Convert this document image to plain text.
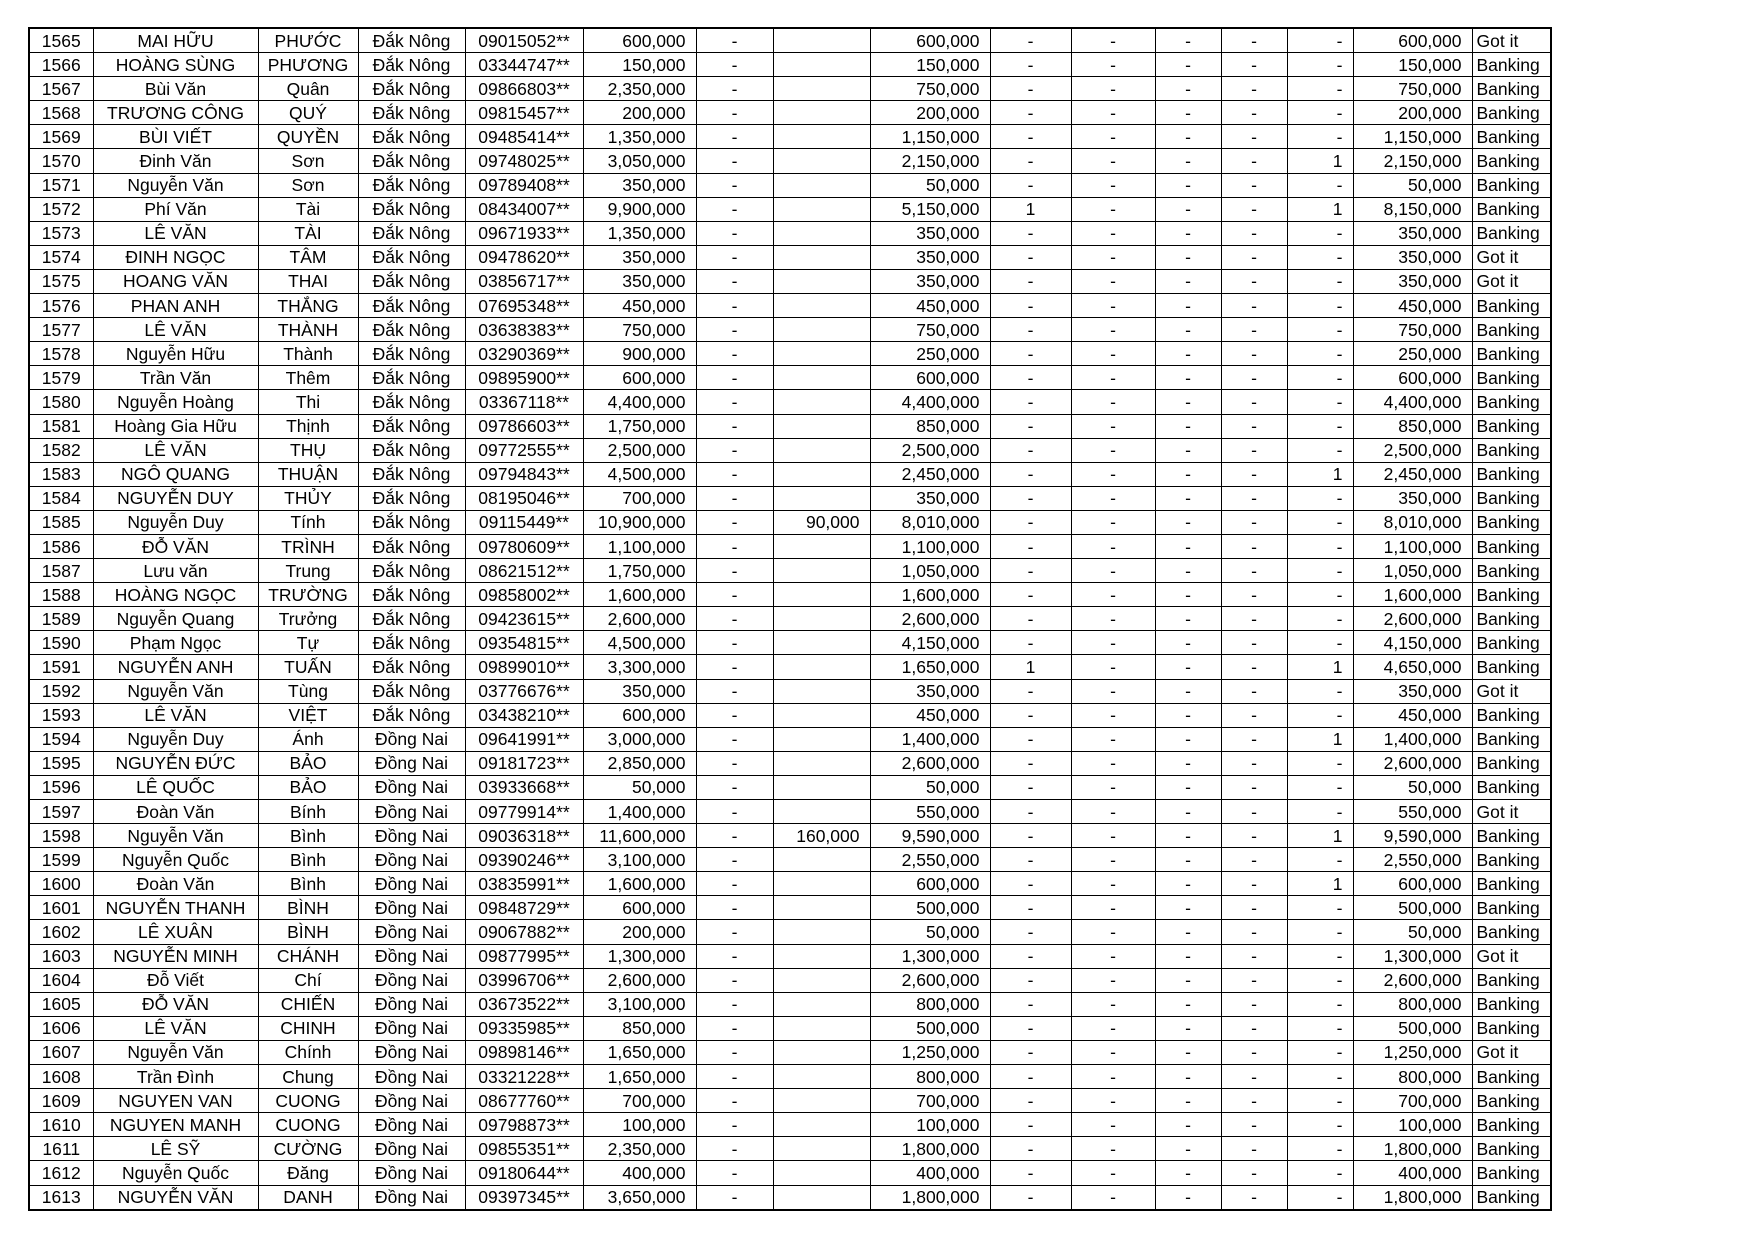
1565	MAI HỮU	PHƯỚC	Đắk Nông	09015052**	600,000	-		600,000	-	-	-	-	-	600,000	Got it
1566	HOÀNG SÙNG	PHƯƠNG	Đắk Nông	03344747**	150,000	-		150,000	-	-	-	-	-	150,000	Banking
1567	Bùi Văn	Quân	Đắk Nông	09866803**	2,350,000	-		750,000	-	-	-	-	-	750,000	Banking
1568	TRƯƠNG CÔNG	QUÝ	Đắk Nông	09815457**	200,000	-		200,000	-	-	-	-	-	200,000	Banking
1569	BÙI VIẾT	QUYỀN	Đắk Nông	09485414**	1,350,000	-		1,150,000	-	-	-	-	-	1,150,000	Banking
1570	Đinh Văn	Sơn	Đắk Nông	09748025**	3,050,000	-		2,150,000	-	-	-	-	1	2,150,000	Banking
1571	Nguyễn Văn	Sơn	Đắk Nông	09789408**	350,000	-		50,000	-	-	-	-	-	50,000	Banking
1572	Phí Văn	Tài	Đắk Nông	08434007**	9,900,000	-		5,150,000	1	-	-	-	1	8,150,000	Banking
1573	LÊ VĂN	TÀI	Đắk Nông	09671933**	1,350,000	-		350,000	-	-	-	-	-	350,000	Banking
1574	ĐINH NGỌC	TÂM	Đắk Nông	09478620**	350,000	-		350,000	-	-	-	-	-	350,000	Got it
1575	HOANG VĂN	THAI	Đắk Nông	03856717**	350,000	-		350,000	-	-	-	-	-	350,000	Got it
1576	PHAN ANH	THẮNG	Đắk Nông	07695348**	450,000	-		450,000	-	-	-	-	-	450,000	Banking
1577	LÊ VĂN	THÀNH	Đắk Nông	03638383**	750,000	-		750,000	-	-	-	-	-	750,000	Banking
1578	Nguyễn Hữu	Thành	Đắk Nông	03290369**	900,000	-		250,000	-	-	-	-	-	250,000	Banking
1579	Trần Văn	Thêm	Đắk Nông	09895900**	600,000	-		600,000	-	-	-	-	-	600,000	Banking
1580	Nguyễn Hoàng	Thi	Đắk Nông	03367118**	4,400,000	-		4,400,000	-	-	-	-	-	4,400,000	Banking
1581	Hoàng Gia Hữu	Thịnh	Đắk Nông	09786603**	1,750,000	-		850,000	-	-	-	-	-	850,000	Banking
1582	LÊ VĂN	THỤ	Đắk Nông	09772555**	2,500,000	-		2,500,000	-	-	-	-	-	2,500,000	Banking
1583	NGÔ QUANG	THUẬN	Đắk Nông	09794843**	4,500,000	-		2,450,000	-	-	-	-	1	2,450,000	Banking
1584	NGUYỄN DUY	THỦY	Đắk Nông	08195046**	700,000	-		350,000	-	-	-	-	-	350,000	Banking
1585	Nguyễn Duy	Tính	Đắk Nông	09115449**	10,900,000	-	90,000	8,010,000	-	-	-	-	-	8,010,000	Banking
1586	ĐỖ VĂN	TRÌNH	Đắk Nông	09780609**	1,100,000	-		1,100,000	-	-	-	-	-	1,100,000	Banking
1587	Lưu văn	Trung	Đắk Nông	08621512**	1,750,000	-		1,050,000	-	-	-	-	-	1,050,000	Banking
1588	HOÀNG NGỌC	TRƯỜNG	Đắk Nông	09858002**	1,600,000	-		1,600,000	-	-	-	-	-	1,600,000	Banking
1589	Nguyễn Quang	Trưởng	Đắk Nông	09423615**	2,600,000	-		2,600,000	-	-	-	-	-	2,600,000	Banking
1590	Phạm Ngọc	Tự	Đắk Nông	09354815**	4,500,000	-		4,150,000	-	-	-	-	-	4,150,000	Banking
1591	NGUYỄN ANH	TUẤN	Đắk Nông	09899010**	3,300,000	-		1,650,000	1	-	-	-	1	4,650,000	Banking
1592	Nguyễn Văn	Tùng	Đắk Nông	03776676**	350,000	-		350,000	-	-	-	-	-	350,000	Got it
1593	LÊ VĂN	VIỆT	Đắk Nông	03438210**	600,000	-		450,000	-	-	-	-	-	450,000	Banking
1594	Nguyễn Duy	Ánh	Đồng Nai	09641991**	3,000,000	-		1,400,000	-	-	-	-	1	1,400,000	Banking
1595	NGUYỄN ĐỨC	BẢO	Đồng Nai	09181723**	2,850,000	-		2,600,000	-	-	-	-	-	2,600,000	Banking
1596	LÊ QUỐC	BẢO	Đồng Nai	03933668**	50,000	-		50,000	-	-	-	-	-	50,000	Banking
1597	Đoàn Văn	Bính	Đồng Nai	09779914**	1,400,000	-		550,000	-	-	-	-	-	550,000	Got it
1598	Nguyễn Văn	Bình	Đồng Nai	09036318**	11,600,000	-	160,000	9,590,000	-	-	-	-	1	9,590,000	Banking
1599	Nguyễn Quốc	Bình	Đồng Nai	09390246**	3,100,000	-		2,550,000	-	-	-	-	-	2,550,000	Banking
1600	Đoàn Văn	Bình	Đồng Nai	03835991**	1,600,000	-		600,000	-	-	-	-	1	600,000	Banking
1601	NGUYỄN THANH	BÌNH	Đồng Nai	09848729**	600,000	-		500,000	-	-	-	-	-	500,000	Banking
1602	LÊ XUÂN	BÌNH	Đồng Nai	09067882**	200,000	-		50,000	-	-	-	-	-	50,000	Banking
1603	NGUYỄN MINH	CHÁNH	Đồng Nai	09877995**	1,300,000	-		1,300,000	-	-	-	-	-	1,300,000	Got it
1604	Đỗ Viết	Chí	Đồng Nai	03996706**	2,600,000	-		2,600,000	-	-	-	-	-	2,600,000	Banking
1605	ĐỖ VĂN	CHIẾN	Đồng Nai	03673522**	3,100,000	-		800,000	-	-	-	-	-	800,000	Banking
1606	LÊ VĂN	CHINH	Đồng Nai	09335985**	850,000	-		500,000	-	-	-	-	-	500,000	Banking
1607	Nguyễn Văn	Chính	Đồng Nai	09898146**	1,650,000	-		1,250,000	-	-	-	-	-	1,250,000	Got it
1608	Trần Đình	Chung	Đồng Nai	03321228**	1,650,000	-		800,000	-	-	-	-	-	800,000	Banking
1609	NGUYEN VAN	CUONG	Đồng Nai	08677760**	700,000	-		700,000	-	-	-	-	-	700,000	Banking
1610	NGUYEN MANH	CUONG	Đồng Nai	09798873**	100,000	-		100,000	-	-	-	-	-	100,000	Banking
1611	LÊ SỸ	CƯỜNG	Đồng Nai	09855351**	2,350,000	-		1,800,000	-	-	-	-	-	1,800,000	Banking
1612	Nguyễn Quốc	Đăng	Đồng Nai	09180644**	400,000	-		400,000	-	-	-	-	-	400,000	Banking
1613	NGUYỄN VĂN	DANH	Đồng Nai	09397345**	3,650,000	-		1,800,000	-	-	-	-	-	1,800,000	Banking
